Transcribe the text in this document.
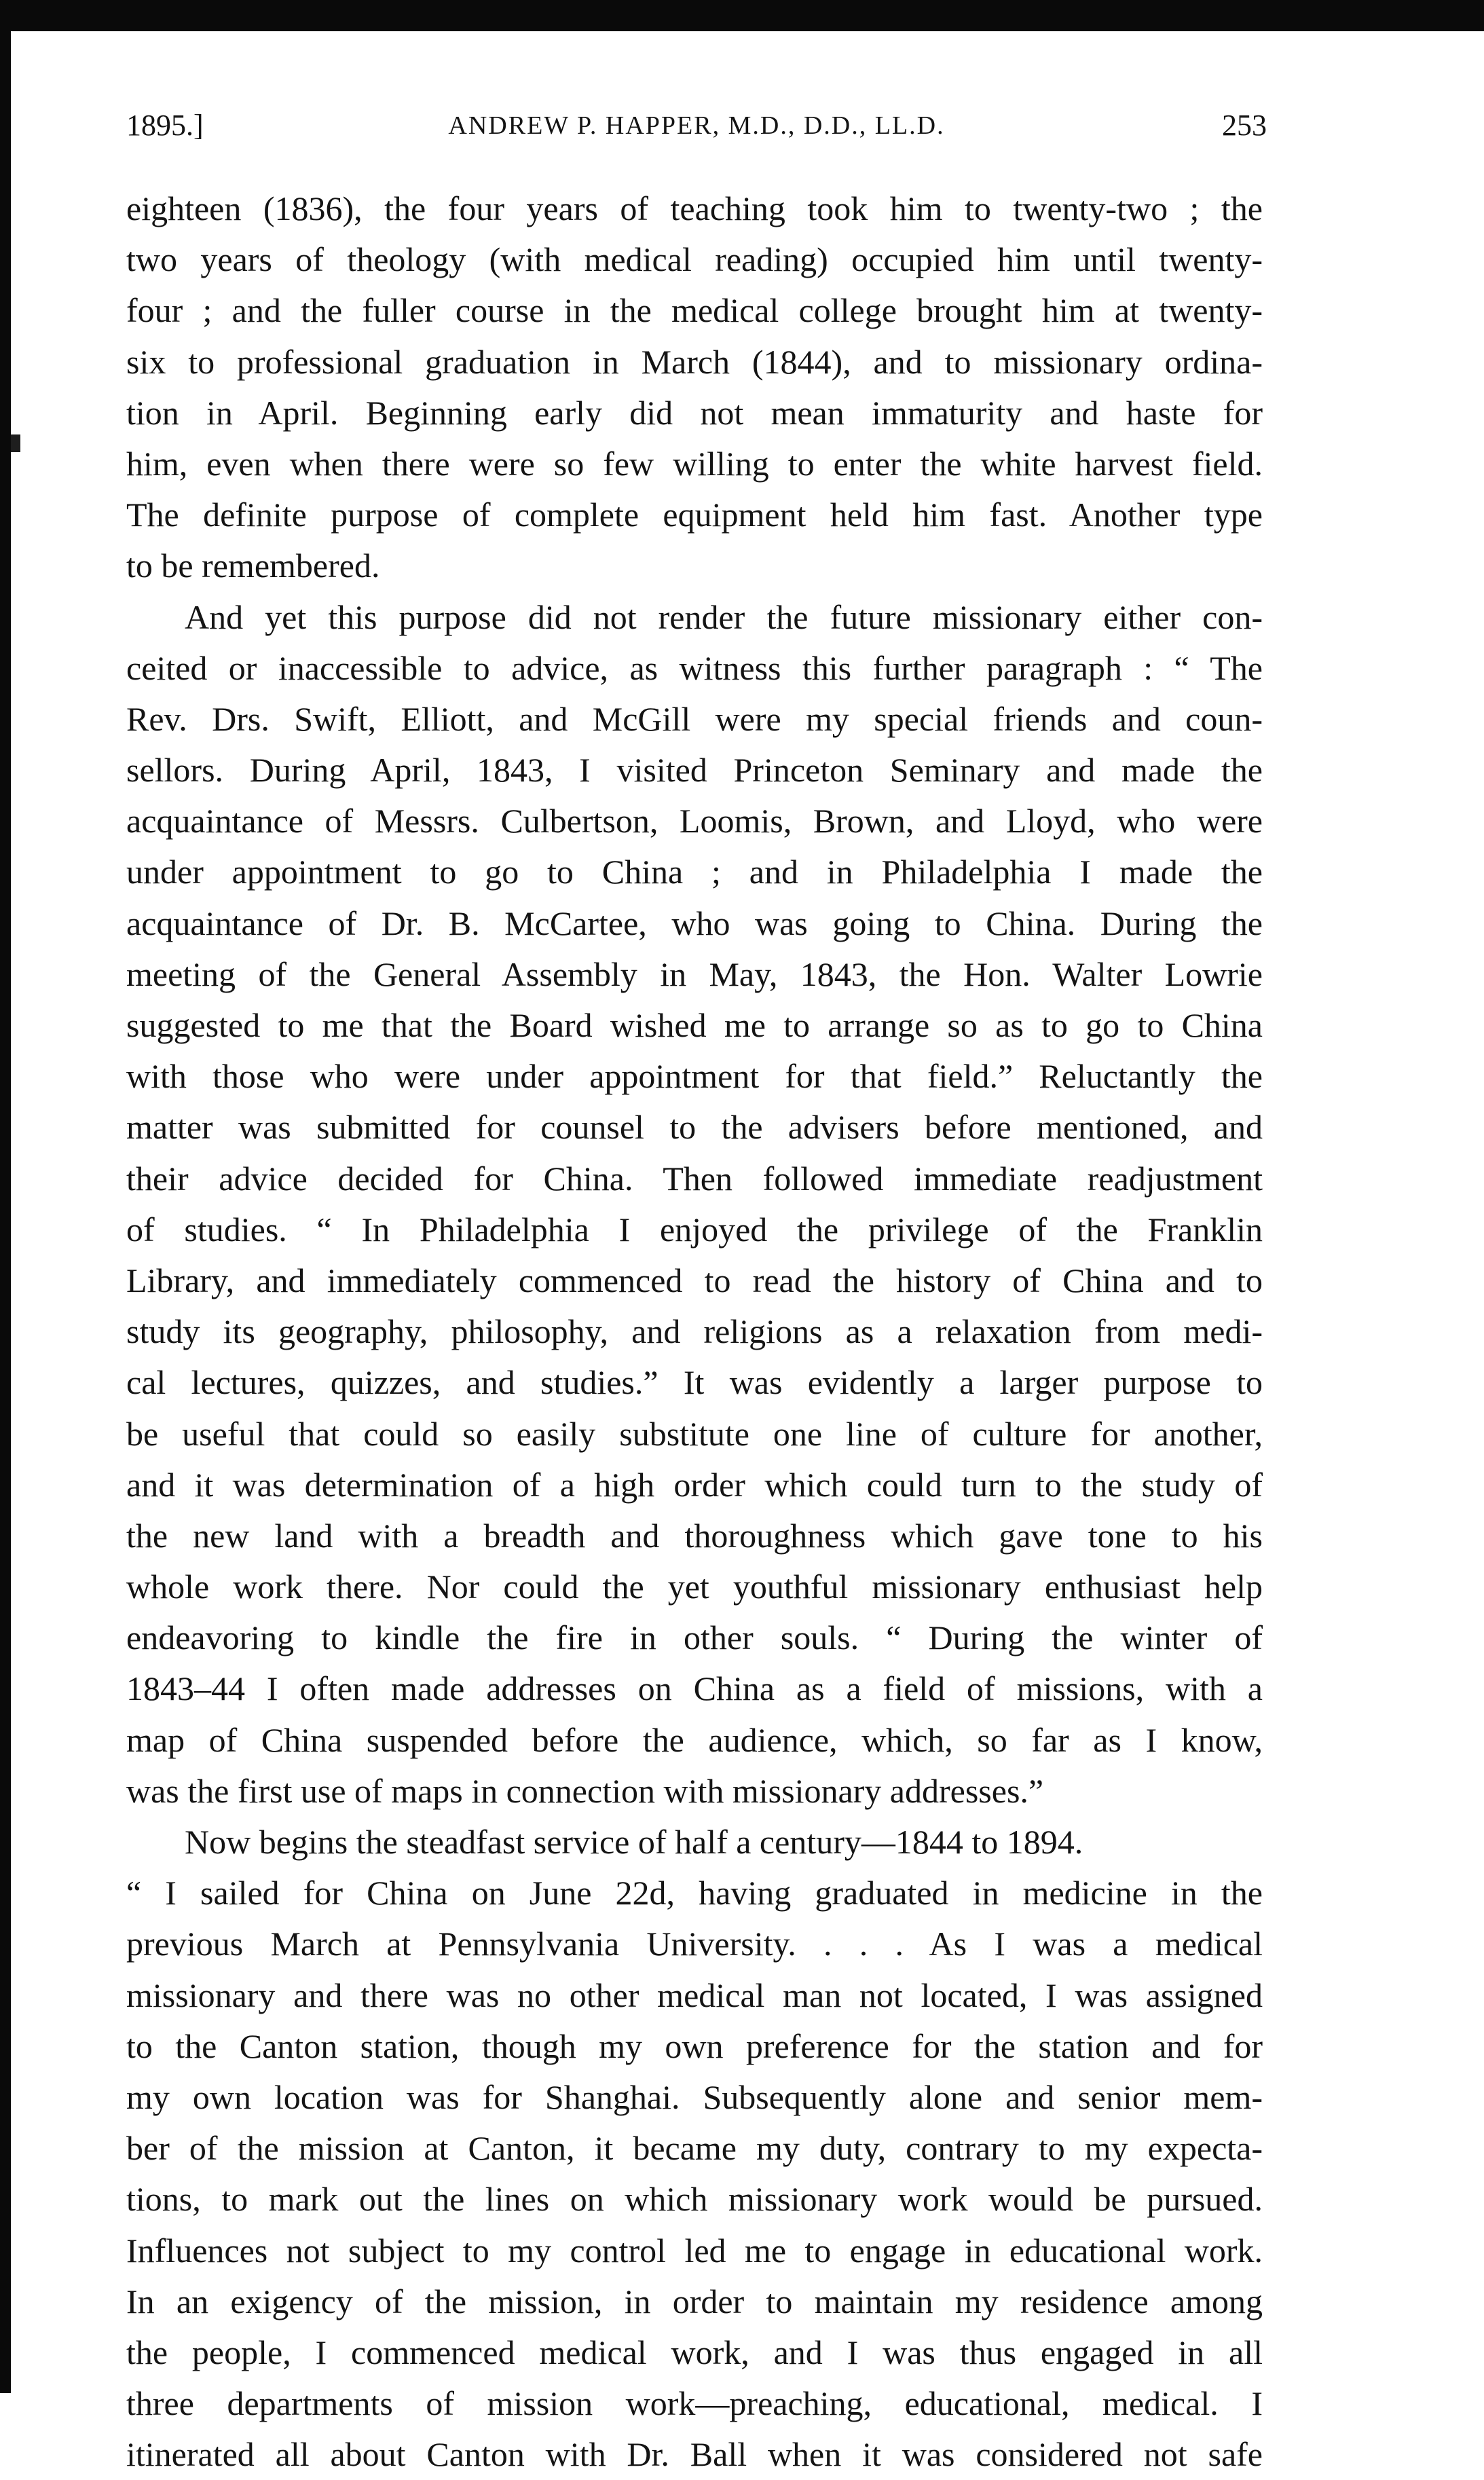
1895.]	ANDREW P. HAPPER, M.D., D.D., LL.D.	253
eighteen (1836), the four years of teaching took him to twenty-two ; the
two years of theology (with medical reading) occupied him until twenty-
four ; and the fuller course in the medical college brought him at twenty-
six to professional graduation in March (1844), and to missionary ordina-
tion in April. Beginning early did not mean immaturity and haste for
him, even when there were so few willing to enter the white harvest field.
The definite purpose of complete equipment held him fast. Another type
to be remembered.
And yet this purpose did not render the future missionary either con-
ceited or inaccessible to advice, as witness this further paragraph : “ The
Rev. Drs. Swift, Elliott, and McGill were my special friends and coun-
sellors. During April, 1843, I visited Princeton Seminary and made the
acquaintance of Messrs. Culbertson, Loomis, Brown, and Lloyd, who were
under appointment to go to China ; and in Philadelphia I made the
acquaintance of Dr. B. McCartee, who was going to China. During the
meeting of the General Assembly in May, 1843, the Hon. Walter Lowrie
suggested to me that the Board wished me to arrange so as to go to China
with those who were under appointment for that field.” Reluctantly the
matter was submitted for counsel to the advisers before mentioned, and
their advice decided for China. Then followed immediate readjustment
of studies. “ In Philadelphia I enjoyed the privilege of the Franklin
Library, and immediately commenced to read the history of China and to
study its geography, philosophy, and religions as a relaxation from medi-
cal lectures, quizzes, and studies.” It was evidently a larger purpose to
be useful that could so easily substitute one line of culture for another,
and it was determination of a high order which could turn to the study of
the new land with a breadth and thoroughness which gave tone to his
whole work there. Nor could the yet youthful missionary enthusiast help
endeavoring to kindle the fire in other souls. “ During the winter of
1843–44 I often made addresses on China as a field of missions, with a
map of China suspended before the audience, which, so far as I know,
was the first use of maps in connection with missionary addresses.”
Now begins the steadfast service of half a century—1844 to 1894.
“ I sailed for China on June 22d, having graduated in medicine in the
previous March at Pennsylvania University. . . . As I was a medical
missionary and there was no other medical man not located, I was assigned
to the Canton station, though my own preference for the station and for
my own location was for Shanghai. Subsequently alone and senior mem-
ber of the mission at Canton, it became my duty, contrary to my expecta-
tions, to mark out the lines on which missionary work would be pursued.
Influences not subject to my control led me to engage in educational work.
In an exigency of the mission, in order to maintain my residence among
the people, I commenced medical work, and I was thus engaged in all
three departments of mission work—preaching, educational, medical. I
itinerated all about Canton with Dr. Ball when it was considered not safe
